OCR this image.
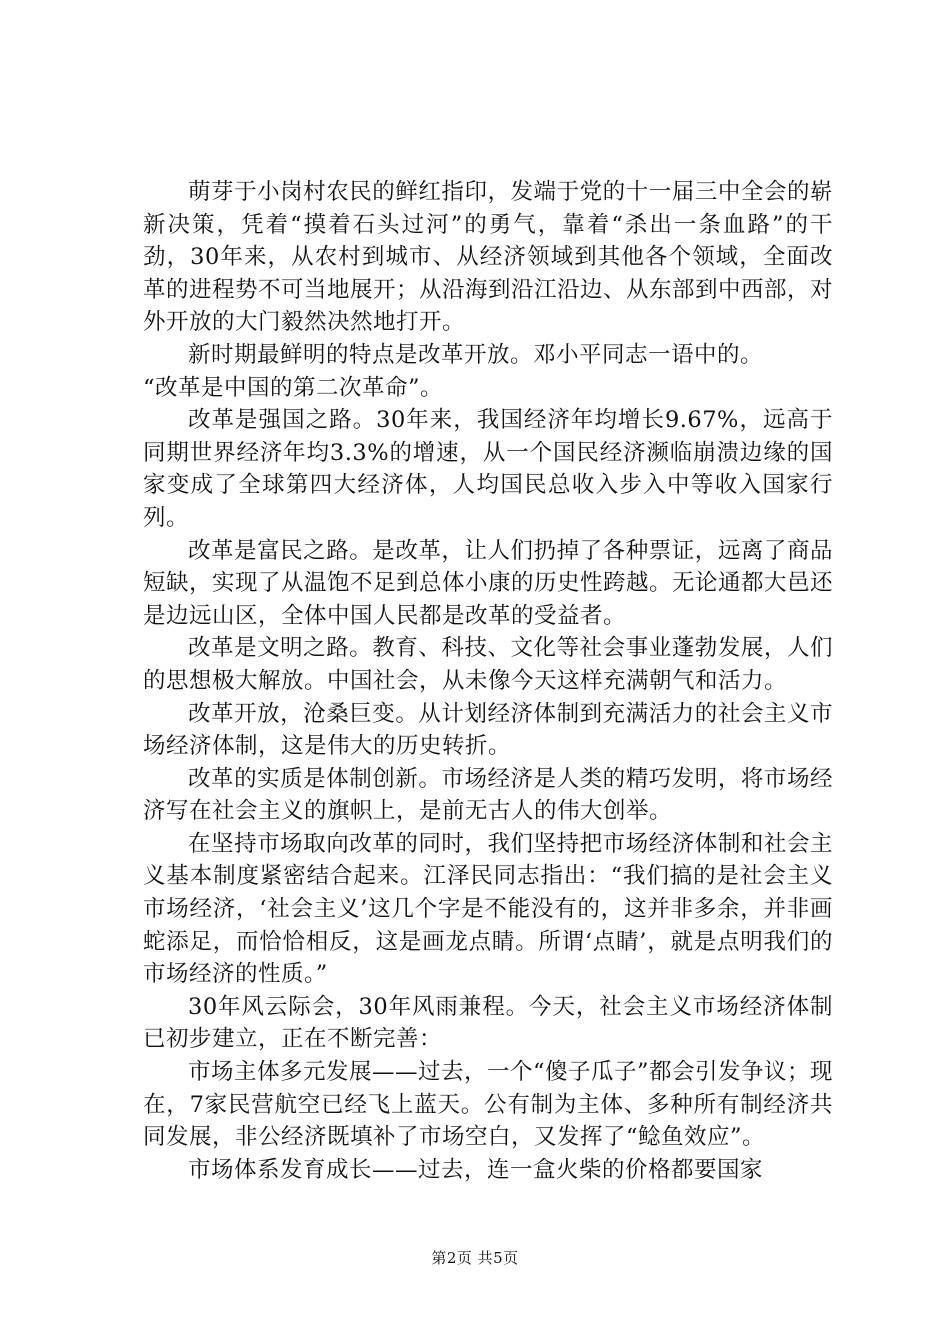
萌芽于小岗村农民的鲜红指印，发端于党的十一届三中全会的崭新决策，凭着“摸着石头过河”的勇气，靠着“杀出一条血路”的干劲，30年来，从农村到城市、从经济领域到其他各个领域，全面改革的进程势不可当地展开；从沿海到沿江沿边、从东部到中西部，对外开放的大门毅然决然地打开。

新时期最鲜明的特点是改革开放。邓小平同志一语中的。

“改革是中国的第二次革命”。

改革是强国之路。30年来，我国经济年均增长9.67%，远高于同期世界经济年均3.3%的增速，从一个国民经济濒临崩溃边缘的国家变成了全球第四大经济体，人均国民总收入步入中等收入国家行列。

改革是富民之路。是改革，让人们扔掉了各种票证，远离了商品短缺，实现了从温饱不足到总体小康的历史性跨越。无论通都大邑还是边远山区，全体中国人民都是改革的受益者。

改革是文明之路。教育、科技、文化等社会事业蓬勃发展，人们的思想极大解放。中国社会，从未像今天这样充满朝气和活力。

改革开放，沧桑巨变。从计划经济体制到充满活力的社会主义市场经济体制，这是伟大的历史转折。

改革的实质是体制创新。市场经济是人类的精巧发明，将市场经济写在社会主义的旗帜上，是前无古人的伟大创举。

在坚持市场取向改革的同时，我们坚持把市场经济体制和社会主义基本制度紧密结合起来。江泽民同志指出：“我们搞的是社会主义市场经济，‘社会主义’这几个字是不能没有的，这并非多余，并非画蛇添足，而恰恰相反，这是画龙点睛。所谓‘点睛’，就是点明我们的市场经济的性质。”

30年风云际会，30年风雨兼程。今天，社会主义市场经济体制已初步建立，正在不断完善：

市场主体多元发展——过去，一个“傻子瓜子”都会引发争议；现在，7家民营航空已经飞上蓝天。公有制为主体、多种所有制经济共同发展，非公经济既填补了市场空白，又发挥了“鲶鱼效应”。

市场体系发育成长——过去，连一盒火柴的价格都要国家

第2页 共5页
